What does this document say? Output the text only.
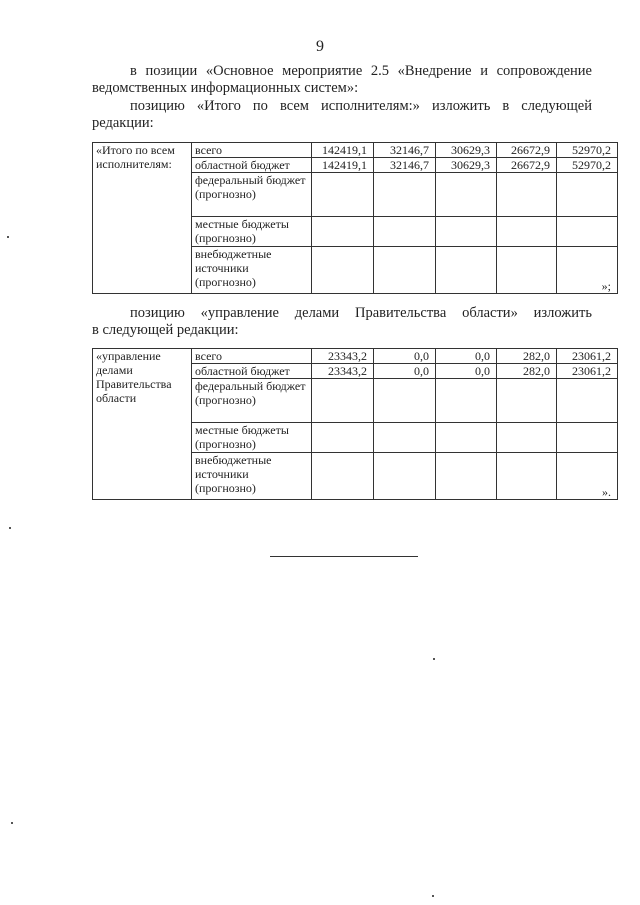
9
в позиции «Основное мероприятие 2.5 «Внедрение и сопровождение
ведомственных информационных систем»:
позицию «Итого по всем исполнителям:» изложить в следующей
редакции:
«Итого по всем исполнителям:	всего	142419,1	32146,7	30629,3	26672,9	52970,2
	областной бюджет	142419,1	32146,7	30629,3	26672,9	52970,2
	федеральный бюджет (прогнозно)					
	местные бюджеты (прогнозно)					
	внебюджетные источники (прогнозно)					»;
позицию «управление делами Правительства области» изложить
в следующей редакции:
«управление делами Правительства области	всего	23343,2	0,0	0,0	282,0	23061,2
	областной бюджет	23343,2	0,0	0,0	282,0	23061,2
	федеральный бюджет (прогнозно)					
	местные бюджеты (прогнозно)					
	внебюджетные источники (прогнозно)					».
